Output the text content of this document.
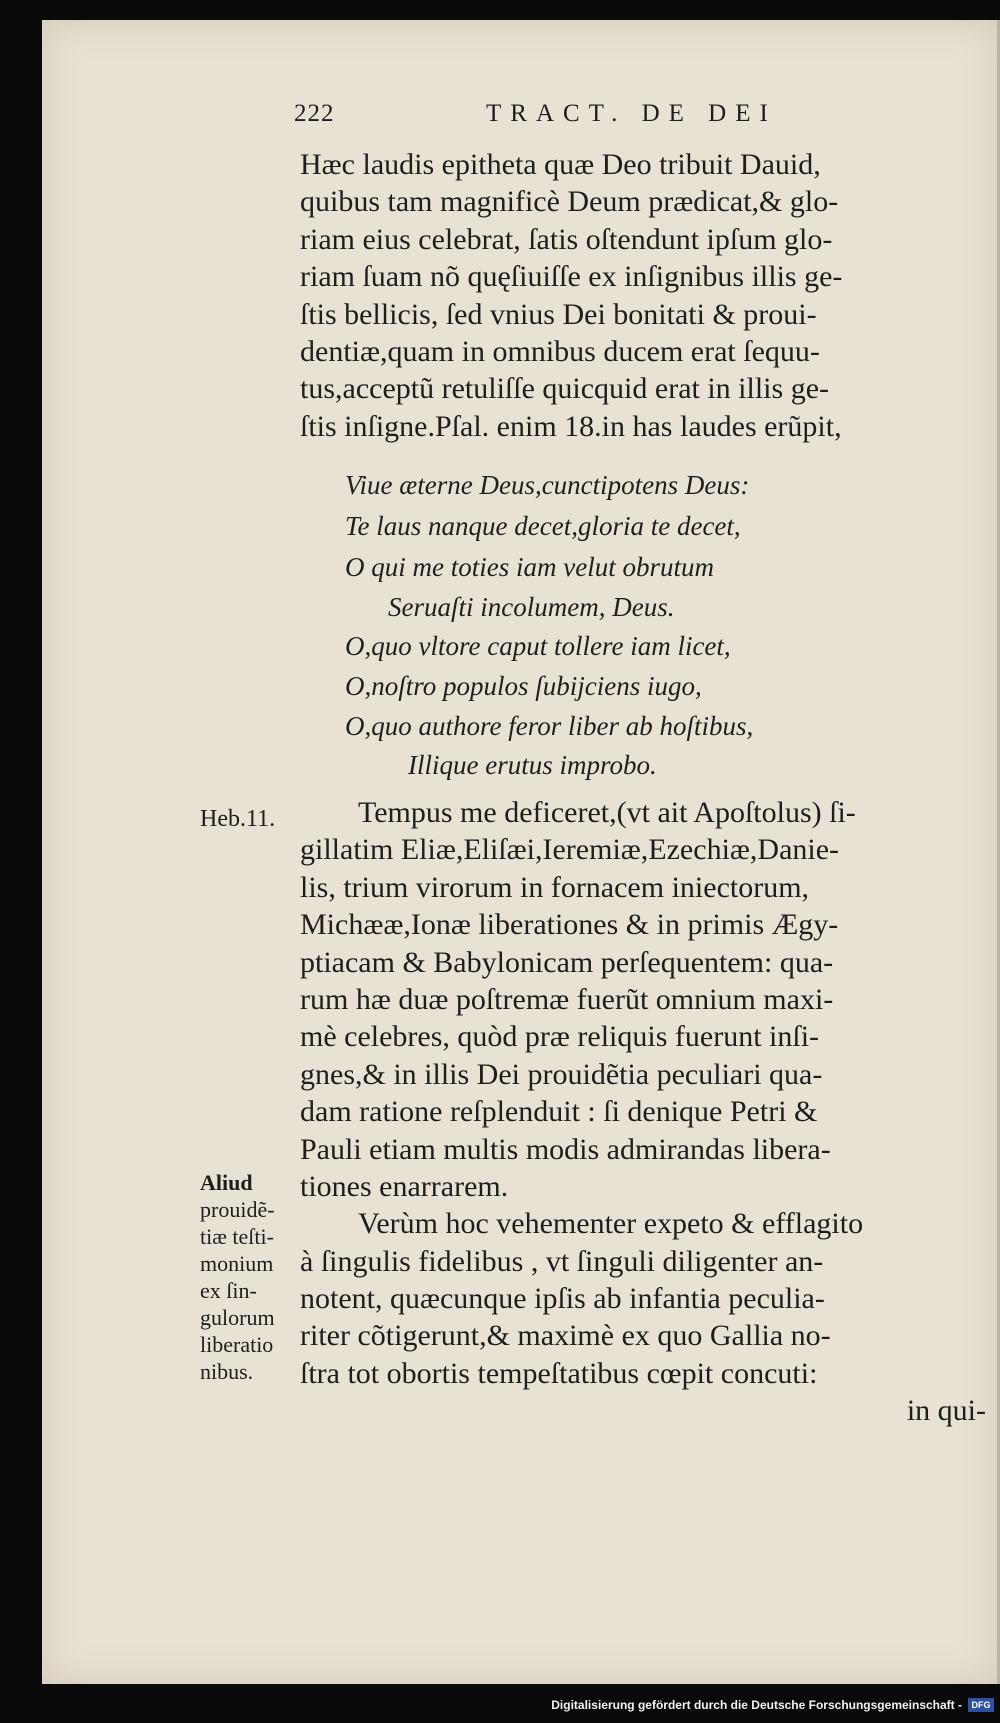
222	TRACT. DE DEI
Hæc laudis epitheta quæ Deo tribuit Dauid,
quibus tam magnificè Deum prædicat,& glo-
riam eius celebrat, ſatis oſtendunt ipſum glo-
riam ſuam nõ quęſiuiſſe ex inſignibus illis ge-
ſtis bellicis, ſed vnius Dei bonitati & proui-
dentiæ,quam in omnibus ducem erat ſequu-
tus,acceptũ retuliſſe quicquid erat in illis ge-
ſtis inſigne.Pſal. enim 18.in has laudes erũpit,
Viue æterne Deus,cunctipotens Deus:
Te laus nanque decet,gloria te decet,
O qui me toties iam velut obrutum
Seruaſti incolumem, Deus.
O,quo vltore caput tollere iam licet,
O,noſtro populos ſubijciens iugo,
O,quo authore feror liber ab hoſtibus,
Illique erutus improbo.
Heb.11.	Tempus me deficeret,(vt ait Apoſtolus) ſi-
gillatim Eliæ,Eliſæi,Ieremiæ,Ezechiæ,Danie-
lis, trium virorum in fornacem iniectorum,
Michææ,Ionæ liberationes & in primis Ægy-
ptiacam & Babylonicam perſequentem: qua-
rum hæ duæ poſtremæ fuerũt omnium maxi-
mè celebres, quòd præ reliquis fuerunt inſi-
gnes,& in illis Dei prouidẽtia peculiari qua-
dam ratione reſplenduit : ſi denique Petri &
Pauli etiam multis modis admirandas libera-
tiones enarrarem.
Verùm hoc vehementer expeto & efflagito
à ſingulis fidelibus , vt ſinguli diligenter an-
notent, quæcunque ipſis ab infantia peculia-
riter cõtigerunt,& maximè ex quo Gallia no-
ſtra tot obortis tempeſtatibus cœpit concuti:
in qui-
Aliud
prouidẽ-
tiæ teſti-
monium
ex ſin-
gulorum
liberatio
nibus.
Digitalisierung gefördert durch die Deutsche Forschungsgemeinschaft -	DFG
